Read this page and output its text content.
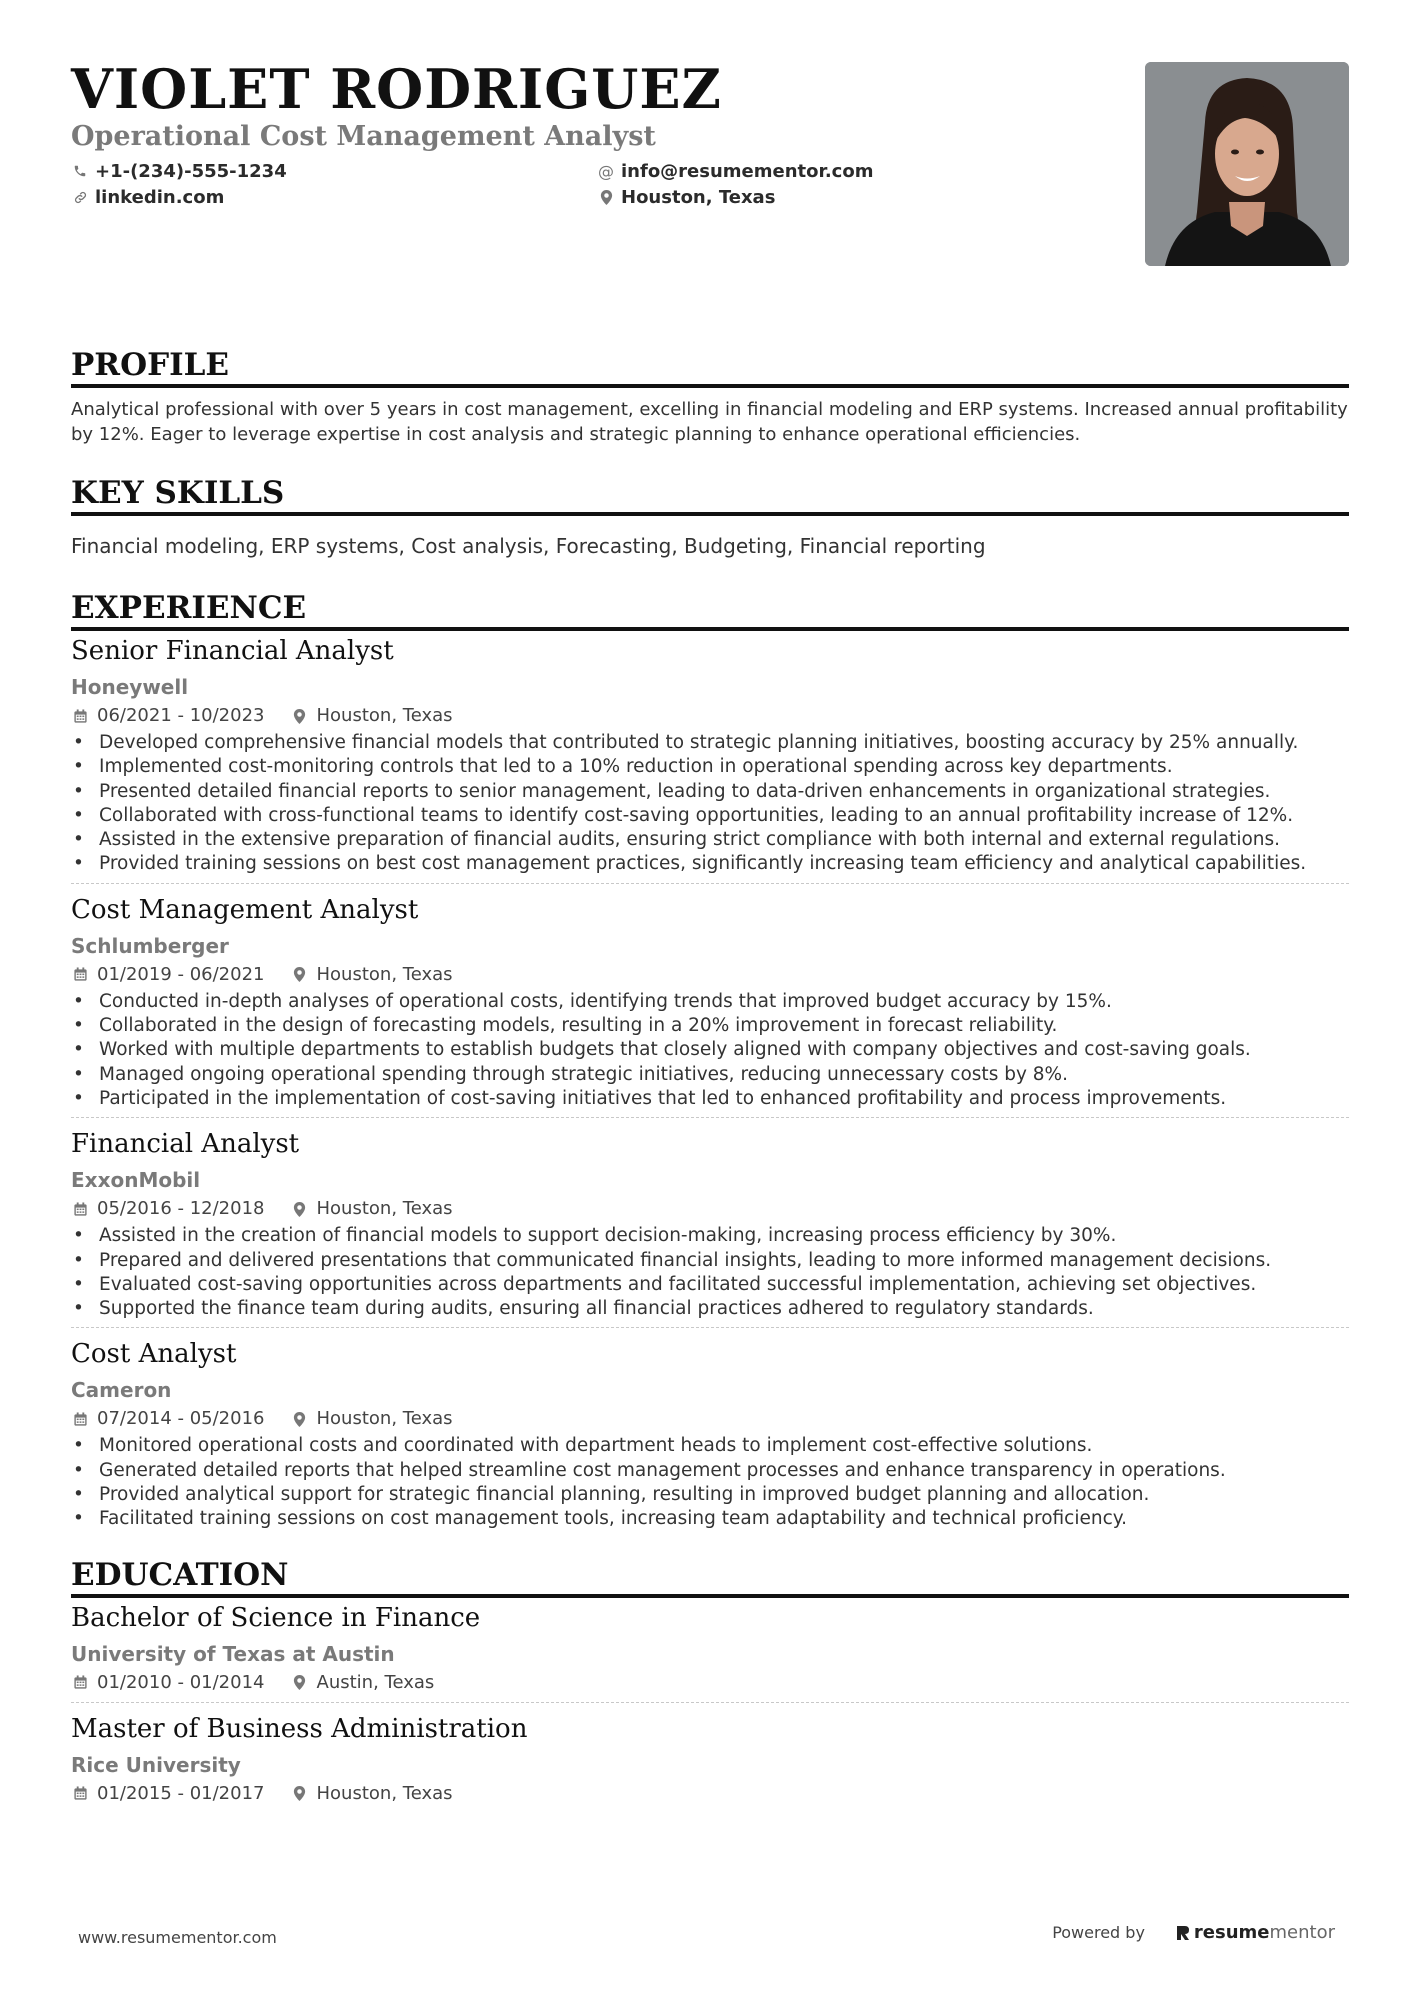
VIOLET RODRIGUEZ
Operational Cost Management Analyst
+1-(234)-555-1234	@ info@resumementor.com
linkedin.com	Houston, Texas
PROFILE
Analytical professional with over 5 years in cost management, excelling in financial modeling and ERP systems. Increased annual profitability by 12%. Eager to leverage expertise in cost analysis and strategic planning to enhance operational efficiencies.
KEY SKILLS
Financial modeling, ERP systems, Cost analysis, Forecasting, Budgeting, Financial reporting
EXPERIENCE
Senior Financial Analyst
Honeywell
06/2021 - 10/2023	Houston, Texas
• Developed comprehensive financial models that contributed to strategic planning initiatives, boosting accuracy by 25% annually.
• Implemented cost-monitoring controls that led to a 10% reduction in operational spending across key departments.
• Presented detailed financial reports to senior management, leading to data-driven enhancements in organizational strategies.
• Collaborated with cross-functional teams to identify cost-saving opportunities, leading to an annual profitability increase of 12%.
• Assisted in the extensive preparation of financial audits, ensuring strict compliance with both internal and external regulations.
• Provided training sessions on best cost management practices, significantly increasing team efficiency and analytical capabilities.
Cost Management Analyst
Schlumberger
01/2019 - 06/2021	Houston, Texas
• Conducted in-depth analyses of operational costs, identifying trends that improved budget accuracy by 15%.
• Collaborated in the design of forecasting models, resulting in a 20% improvement in forecast reliability.
• Worked with multiple departments to establish budgets that closely aligned with company objectives and cost-saving goals.
• Managed ongoing operational spending through strategic initiatives, reducing unnecessary costs by 8%.
• Participated in the implementation of cost-saving initiatives that led to enhanced profitability and process improvements.
Financial Analyst
ExxonMobil
05/2016 - 12/2018	Houston, Texas
• Assisted in the creation of financial models to support decision-making, increasing process efficiency by 30%.
• Prepared and delivered presentations that communicated financial insights, leading to more informed management decisions.
• Evaluated cost-saving opportunities across departments and facilitated successful implementation, achieving set objectives.
• Supported the finance team during audits, ensuring all financial practices adhered to regulatory standards.
Cost Analyst
Cameron
07/2014 - 05/2016	Houston, Texas
• Monitored operational costs and coordinated with department heads to implement cost-effective solutions.
• Generated detailed reports that helped streamline cost management processes and enhance transparency in operations.
• Provided analytical support for strategic financial planning, resulting in improved budget planning and allocation.
• Facilitated training sessions on cost management tools, increasing team adaptability and technical proficiency.
EDUCATION
Bachelor of Science in Finance
University of Texas at Austin
01/2010 - 01/2014	Austin, Texas
Master of Business Administration
Rice University
01/2015 - 01/2017	Houston, Texas
www.resumementor.com	Powered by	resume mentor
